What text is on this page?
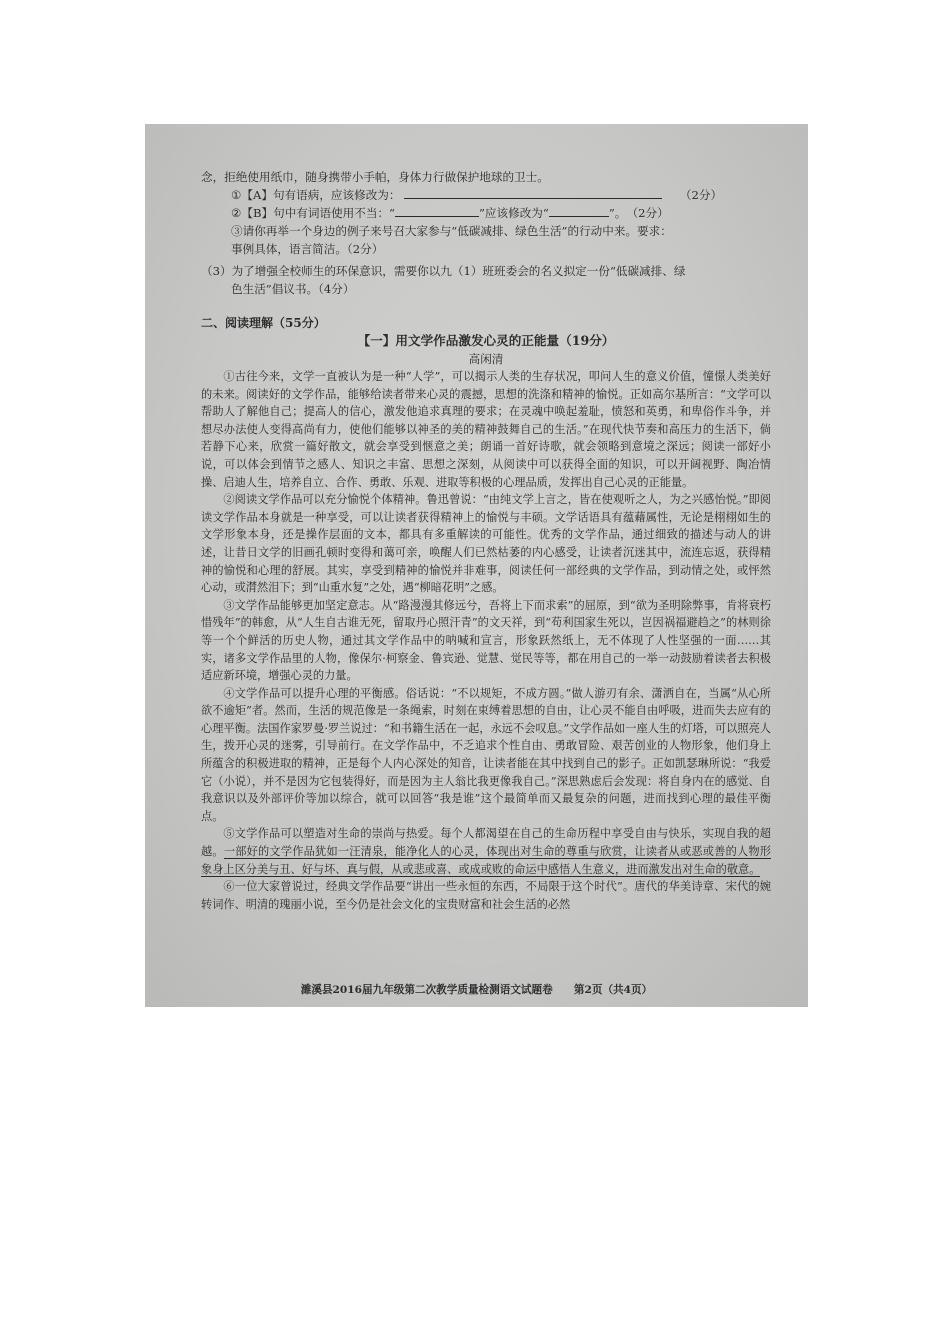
念，拒绝使用纸巾，随身携带小手帕，身体力行做保护地球的卫士。
①【A】句有语病，应该修改为：	（2分）
②【B】句中有词语使用不当：“	”应该修改为“	”。 （2分）
③请你再举一个身边的例子来号召大家参与“低碳减排、绿色生活”的行动中来。要求：
事例具体，语言简洁。（2分）
（3）为了增强全校师生的环保意识，需要你以九（1）班班委会的名义拟定一份“低碳减排、绿
色生活”倡议书。（4分）
二、阅读理解（55分）
【一】用文学作品激发心灵的正能量（19分）
高闲清

①古往今来，文学一直被认为是一种“人学”，可以揭示人类的生存状况，叩问人生的意义价值，憧憬人类美好的未来。阅读好的文学作品，能够给读者带来心灵的震撼，思想的洗涤和精神的愉悦。正如高尔基所言：“文学可以帮助人了解他自己；提高人的信心，激发他追求真理的要求；在灵魂中唤起羞耻，愤怒和英勇，和卑俗作斗争，并想尽办法使人变得高尚有力，使他们能够以神圣的美的精神鼓舞自己的生活。”在现代快节奏和高压力的生活下，倘若静下心来，欣赏一篇好散文，就会享受到惬意之美；朗诵一首好诗歌，就会领略到意境之深远；阅读一部好小说，可以体会到情节之感人、知识之丰富、思想之深刻，从阅读中可以获得全面的知识，可以开阔视野、陶冶情操、启迪人生，培养自立、合作、勇敢、乐观、进取等积极的心理品质，发挥出自己心灵的正能量。

②阅读文学作品可以充分愉悦个体精神。鲁迅曾说：“由纯文学上言之，皆在使观听之人，为之兴感怡悦。”即阅读文学作品本身就是一种享受，可以让读者获得精神上的愉悦与丰硕。文学话语具有蕴藉属性，无论是栩栩如生的文学形象本身，还是操作层面的文本，都具有多重解读的可能性。优秀的文学作品，通过细致的描述与动人的讲述，让昔日文学的旧画孔顿时变得和蔼可亲，唤醒人们已然枯萎的内心感受，让读者沉迷其中，流连忘返，获得精神的愉悦和心理的舒展。其实，享受到精神的愉悦并非难事，阅读任何一部经典的文学作品，到动情之处，或怦然心动，或潸然泪下；到“山重水复”之处，遇“柳暗花明”之感。

③文学作品能够更加坚定意志。从“路漫漫其修远兮，吾将上下而求索”的屈原，到“欲为圣明除弊事，肯将衰朽惜残年”的韩愈，从“人生自古谁无死，留取丹心照汗青”的文天祥，到“苟利国家生死以，岂因祸福避趋之”的林则徐等一个个鲜活的历史人物，通过其文学作品中的呐喊和宣言，形象跃然纸上，无不体现了人性坚强的一面……其实，诸多文学作品里的人物，像保尔·柯察金、鲁宾逊、觉慧、觉民等等，都在用自己的一举一动鼓励着读者去积极适应新环境，增强心灵的力量。

④文学作品可以提升心理的平衡感。俗话说：“不以规矩，不成方圆。”做人游刃有余、潇洒自在，当属“从心所欲不逾矩”者。然而，生活的规范像是一条绳索，时刻在束缚着思想的自由，让心灵不能自由呼吸，进而失去应有的心理平衡。法国作家罗曼·罗兰说过：“和书籍生活在一起，永远不会叹息。”文学作品如一座人生的灯塔，可以照亮人生，拨开心灵的迷雾，引导前行。在文学作品中，不乏追求个性自由、勇敢冒险、艰苦创业的人物形象，他们身上所蕴含的积极进取的精神，正是每个人内心深处的知音，让读者能在其中找到自己的影子。正如凯瑟琳所说：“我爱它（小说），并不是因为它包装得好，而是因为主人翁比我更像我自己。”深思熟虑后会发现：将自身内在的感觉、自我意识以及外部评价等加以综合，就可以回答“我是谁”这个最简单而又最复杂的问题，进而找到心理的最佳平衡点。

⑤文学作品可以塑造对生命的崇尚与热爱。每个人都渴望在自己的生命历程中享受自由与快乐，实现自我的超越。一部好的文学作品犹如一汪清泉，能净化人的心灵，体现出对生命的尊重与欣赏，让读者从或恶或善的人物形象身上区分美与丑、好与坏、真与假，从或悲或喜、或成或败的命运中感悟人生意义，进而激发出对生命的敬意。

⑥一位大家曾说过，经典文学作品要“讲出一些永恒的东西，不局限于这个时代”。唐代的华美诗章、宋代的婉转词作、明清的瑰丽小说，至今仍是社会文化的宝贵财富和社会生活的必然

濉溪县2016届九年级第二次教学质量检测语文试题卷　　第2页（共4页）
